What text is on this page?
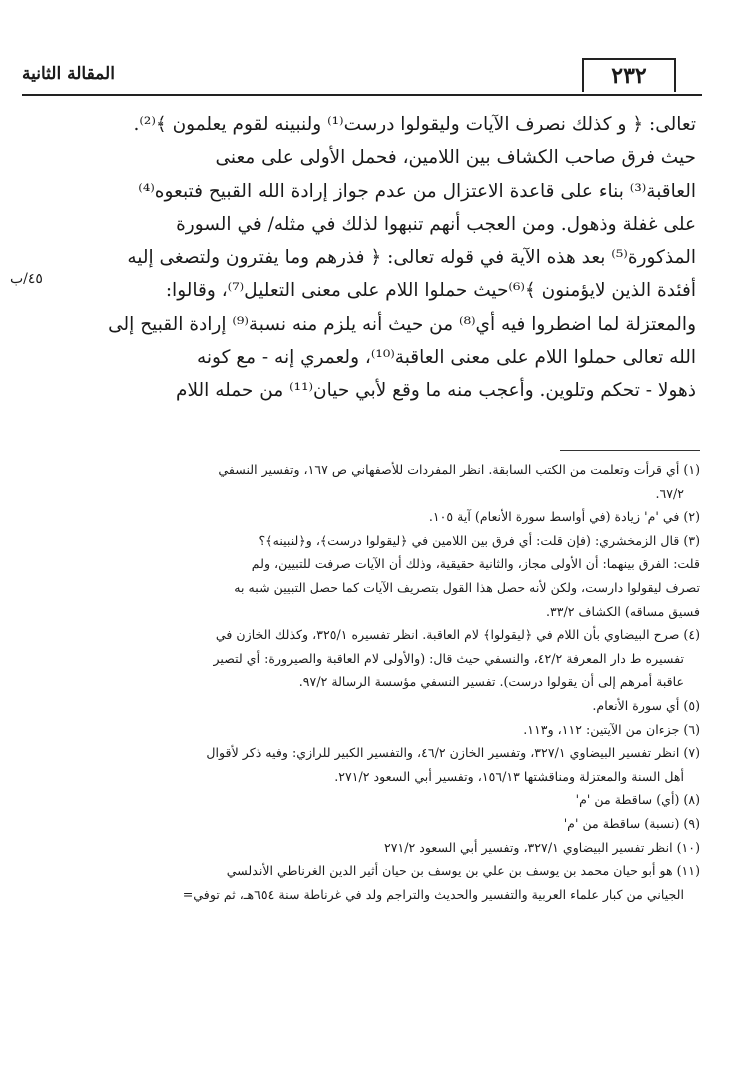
٢٣٢
المقالة الثانية
٤٥/ب

تعالى: ﴿ و كذلك نصرف الآيات وليقولوا درست⁽¹⁾ ولنبينه لقوم يعلمون ﴾⁽²⁾.

حيث فرق صاحب الكشاف بين اللامين، فحمل الأولى على معنى

العاقبة⁽³⁾ بناء على قاعدة الاعتزال من عدم جواز إرادة الله القبيح فتبعوه⁽⁴⁾

على غفلة وذهول. ومن العجب أنهم تنبهوا لذلك في مثله/ في السورة

المذكورة⁽⁵⁾ بعد هذه الآية في قوله تعالى: ﴿ فذرهم وما يفترون ولتصغى إليه

أفئدة الذين لايؤمنون ﴾⁽⁶⁾حيث حملوا اللام على معنى التعليل⁽⁷⁾، وقالوا:

والمعتزلة لما اضطروا فيه أي⁽⁸⁾ من حيث أنه يلزم منه نسبة⁽⁹⁾ إرادة القبيح إلى

الله تعالى حملوا اللام على معنى العاقبة⁽¹⁰⁾، ولعمري إنه - مع كونه

ذهولا - تحكم وتلوين. وأعجب منه ما وقع لأبي حيان⁽¹¹⁾ من حمله اللام

(١) أي قرأت وتعلمت من الكتب السابقة. انظر المفردات للأصفهاني ص ١٦٧، وتفسير النسفي

٦٧/٢.

(٢) في 'م' زيادة (في أواسط سورة الأنعام) آية ١٠٥.

(٣) قال الزمخشري: (فإن قلت: أي فرق بين اللامين في ﴿ليقولوا درست﴾، و﴿لنبينه﴾؟

قلت: الفرق بينهما: أن الأولى مجاز، والثانية حقيقية، وذلك أن الآيات صرفت للتبيين، ولم

تصرف ليقولوا دارست، ولكن لأنه حصل هذا القول بتصريف الآيات كما حصل التبيين شبه به

فسيق مساقه) الكشاف ٣٣/٢.

(٤) صرح البيضاوي بأن اللام في ﴿ليقولوا﴾ لام العاقبة. انظر تفسيره ٣٢٥/١، وكذلك الخازن في

تفسيره ط دار المعرفة ٤٢/٢، والنسفي حيث قال: (والأولى لام العاقبة والصيرورة: أي لتصير

عاقبة أمرهم إلى أن يقولوا درست). تفسير النسفي مؤسسة الرسالة ٩٧/٢.

(٥) أي سورة الأنعام.

(٦) جزءان من الآيتين: ١١٢، و١١٣.

(٧) انظر تفسير البيضاوي ٣٢٧/١، وتفسير الخازن ٤٦/٢، والتفسير الكبير للرازي: وفيه ذكر لأقوال

أهل السنة والمعتزلة ومناقشتها ١٥٦/١٣، وتفسير أبي السعود ٢٧١/٢.

(٨) (أي) ساقطة من 'م'

(٩) (نسبة) ساقطة من 'م'

(١٠) انظر تفسير البيضاوي ٣٢٧/١، وتفسير أبي السعود ٢٧١/٢

(١١) هو أبو حيان محمد بن يوسف بن علي بن يوسف بن حيان أثير الدين الغرناطي الأندلسي

الجياني من كبار علماء العربية والتفسير والحديث والتراجم ولد في غرناطة سنة ٦٥٤هـ، ثم توفي=
